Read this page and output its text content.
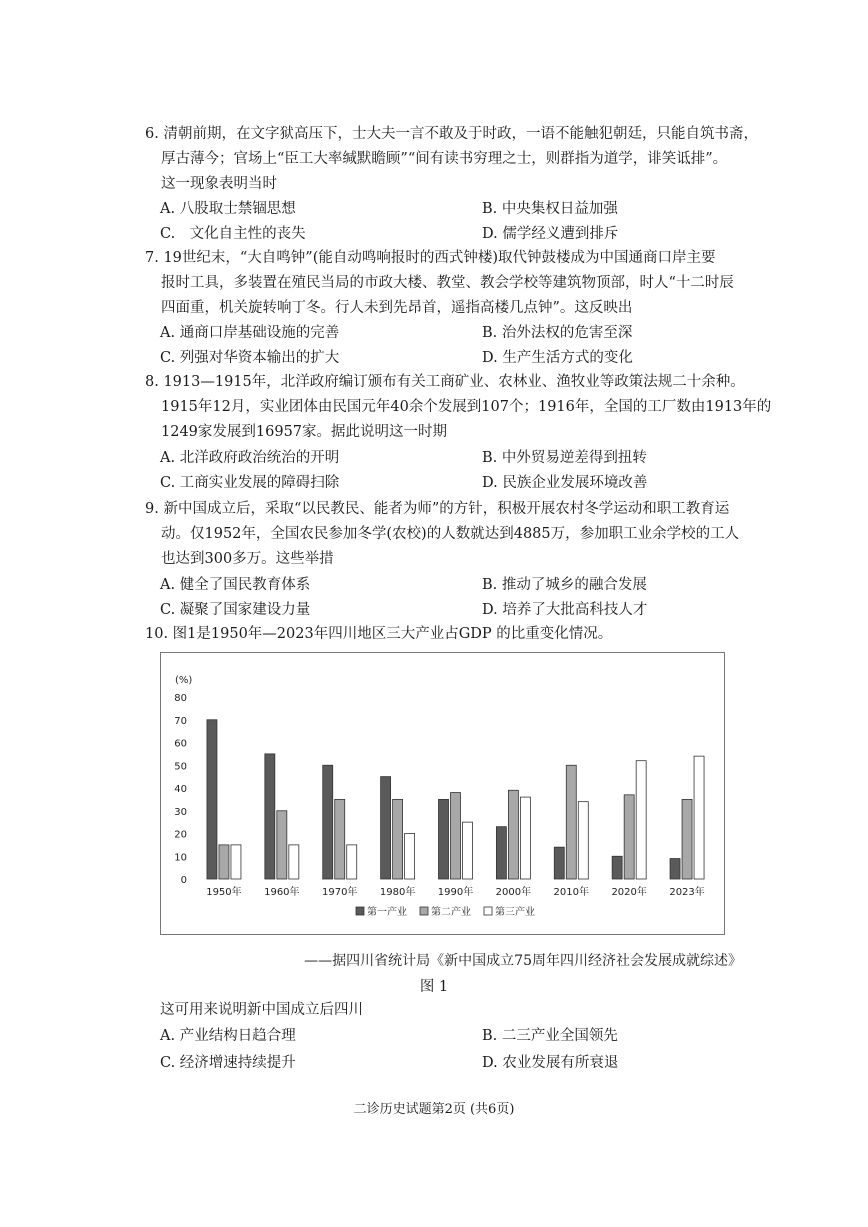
6. 清朝前期，在文字狱高压下，士大夫一言不敢及于时政，一语不能触犯朝廷，只能自筑书斋，
厚古薄今；官场上“臣工大率缄默瞻顾”“间有读书穷理之士，则群指为道学，诽笑诋排”。
这一现象表明当时
A. 八股取士禁锢思想	B. 中央集权日益加强
C.　文化自主性的丧失	D. 儒学经义遭到排斥
7. 19世纪末，“大自鸣钟”(能自动鸣响报时的西式钟楼)取代钟鼓楼成为中国通商口岸主要
报时工具，多装置在殖民当局的市政大楼、教堂、教会学校等建筑物顶部，时人“十二时辰
四面重，机关旋转响丁冬。行人未到先昂首，遥指高楼几点钟”。这反映出
A. 通商口岸基础设施的完善	B. 治外法权的危害至深
C. 列强对华资本输出的扩大	D. 生产生活方式的变化
8. 1913—1915年，北洋政府编订颁布有关工商矿业、农林业、渔牧业等政策法规二十余种。
1915年12月，实业团体由民国元年40余个发展到107个；1916年，全国的工厂数由1913年的
1249家发展到16957家。据此说明这一时期
A. 北洋政府政治统治的开明	B. 中外贸易逆差得到扭转
C. 工商实业发展的障碍扫除	D. 民族企业发展环境改善
9. 新中国成立后，采取“以民教民、能者为师”的方针，积极开展农村冬学运动和职工教育运
动。仅1952年，全国农民参加冬学(农校)的人数就达到4885万，参加职工业余学校的工人
也达到300多万。这些举措
A. 健全了国民教育体系	B. 推动了城乡的融合发展
C. 凝聚了国家建设力量	D. 培养了大批高科技人才
10. 图1是1950年—2023年四川地区三大产业占GDP 的比重变化情况。
(%)
0
10
20
30
40
50
60
70
80
1950年 1960年 1970年 1980年 1990年 2000年 2010年 2020年 2023年
第一产业 第二产业 第三产业
——据四川省统计局《新中国成立75周年四川经济社会发展成就综述》
图 1
这可用来说明新中国成立后四川
A. 产业结构日趋合理	B. 二三产业全国领先
C. 经济增速持续提升	D. 农业发展有所衰退
二诊历史试题第2页 (共6页)
